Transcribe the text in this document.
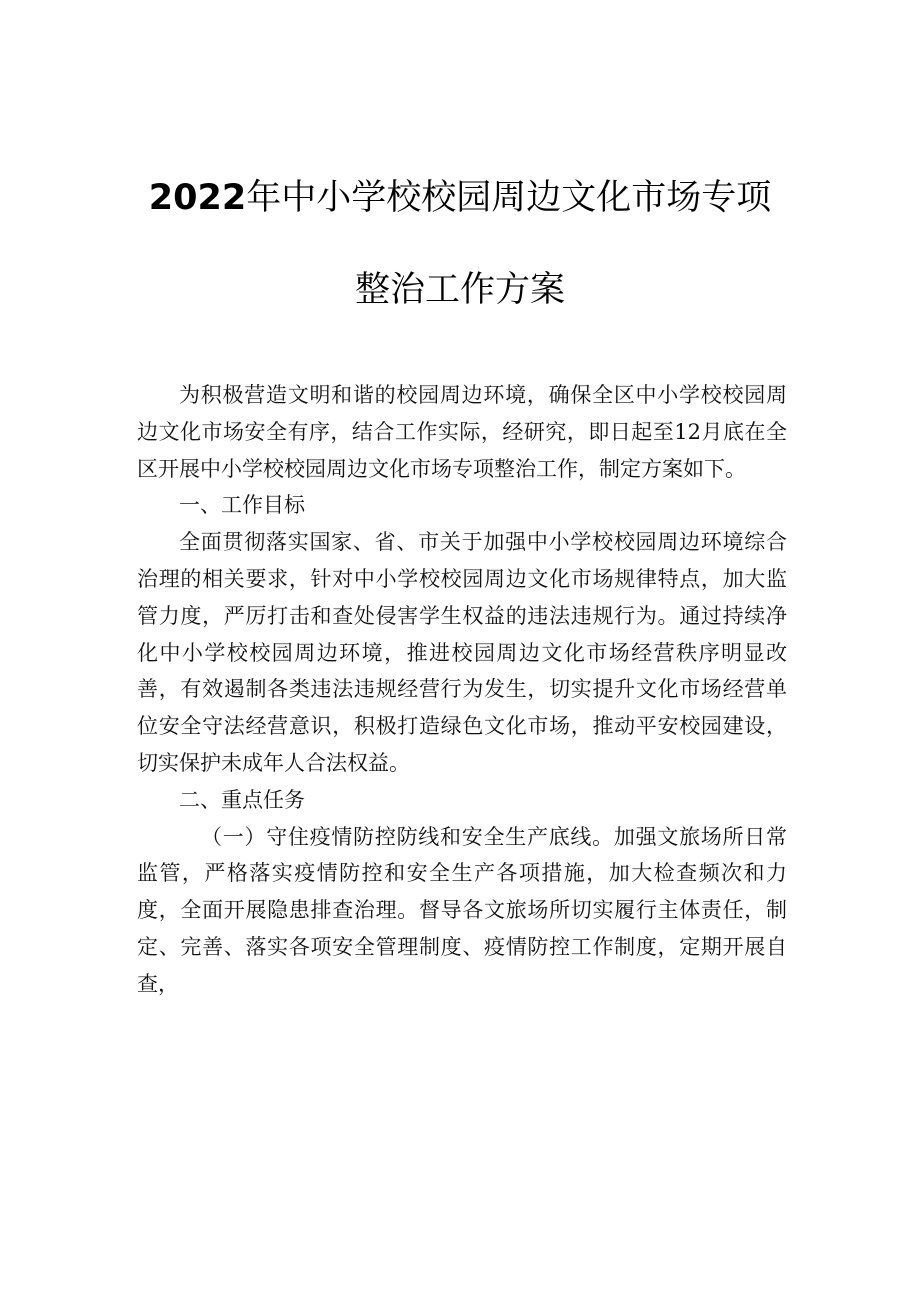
2022年中小学校校园周边文化市场专项
整治工作方案

为积极营造文明和谐的校园周边环境，确保全区中小学校校园周边文化市场安全有序，结合工作实际，经研究，即日起至12月底在全区开展中小学校校园周边文化市场专项整治工作，制定方案如下。

一、工作目标

全面贯彻落实国家、省、市关于加强中小学校校园周边环境综合治理的相关要求，针对中小学校校园周边文化市场规律特点，加大监管力度，严厉打击和查处侵害学生权益的违法违规行为。通过持续净化中小学校校园周边环境，推进校园周边文化市场经营秩序明显改善，有效遏制各类违法违规经营行为发生，切实提升文化市场经营单位安全守法经营意识，积极打造绿色文化市场，推动平安校园建设，切实保护未成年人合法权益。

二、重点任务

（一）守住疫情防控防线和安全生产底线。加强文旅场所日常监管，严格落实疫情防控和安全生产各项措施，加大检查频次和力度，全面开展隐患排查治理。督导各文旅场所切实履行主体责任，制定、完善、落实各项安全管理制度、疫情防控工作制度，定期开展自查，
